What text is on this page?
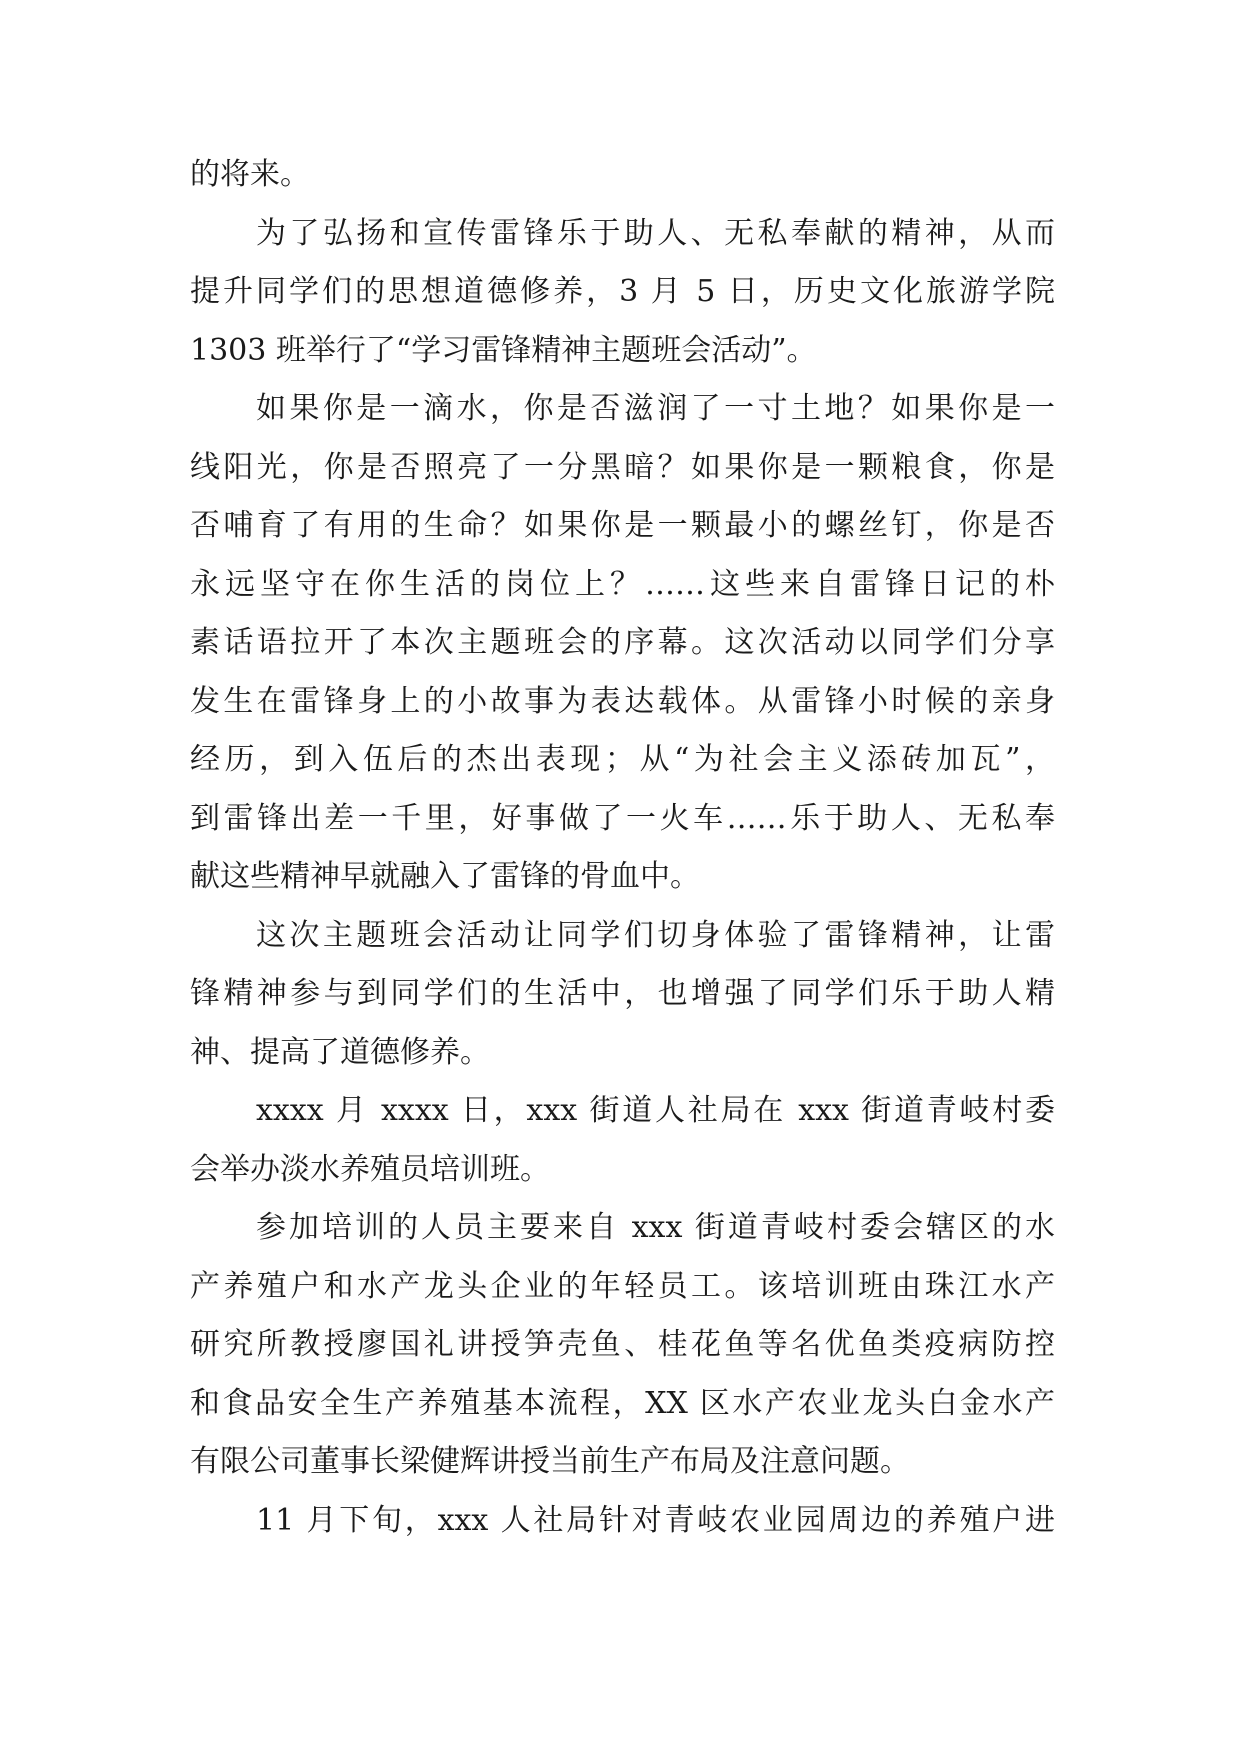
的将来。
为了弘扬和宣传雷锋乐于助人、无私奉献的精神，从而
提升同学们的思想道德修养，3 月 5 日，历史文化旅游学院
1303 班举行了“学习雷锋精神主题班会活动”。
如果你是一滴水，你是否滋润了一寸土地？如果你是一
线阳光，你是否照亮了一分黑暗？如果你是一颗粮食，你是
否哺育了有用的生命？如果你是一颗最小的螺丝钉，你是否
永远坚守在你生活的岗位上？……这些来自雷锋日记的朴
素话语拉开了本次主题班会的序幕。这次活动以同学们分享
发生在雷锋身上的小故事为表达载体。从雷锋小时候的亲身
经历，到入伍后的杰出表现；从“为社会主义添砖加瓦”，
到雷锋出差一千里，好事做了一火车……乐于助人、无私奉
献这些精神早就融入了雷锋的骨血中。
这次主题班会活动让同学们切身体验了雷锋精神，让雷
锋精神参与到同学们的生活中，也增强了同学们乐于助人精
神、提高了道德修养。
xxxx 月 xxxx 日，xxx 街道人社局在 xxx 街道青岐村委
会举办淡水养殖员培训班。
参加培训的人员主要来自 xxx 街道青岐村委会辖区的水
产养殖户和水产龙头企业的年轻员工。该培训班由珠江水产
研究所教授廖国礼讲授笋壳鱼、桂花鱼等名优鱼类疫病防控
和食品安全生产养殖基本流程，XX 区水产农业龙头白金水产
有限公司董事长梁健辉讲授当前生产布局及注意问题。
11 月下旬，xxx 人社局针对青岐农业园周边的养殖户进
